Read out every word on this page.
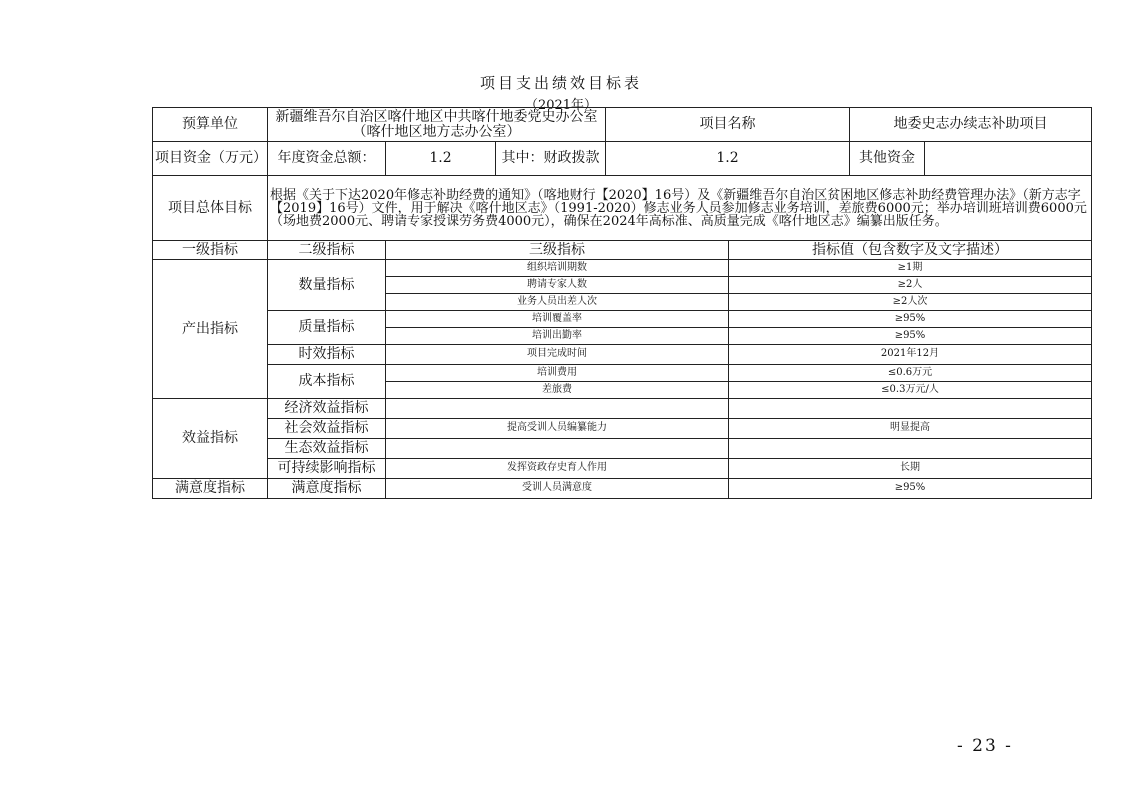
项目支出绩效目标表
（2021年）
预算单位	新疆维吾尔自治区喀什地区中共喀什地委党史办公室（喀什地区地方志办公室）			项目名称		地委史志办续志补助项目	
项目资金（万元）	年度资金总额：	1.2	其中：财政拨款	1.2		其他资金	
项目总体目标	根据《关于下达2020年修志补助经费的通知》（喀地财行【2020】16号）及《新疆维吾尔自治区贫困地区修志补助经费管理办法》（新方志字【2019】16号）文件，用于解决《喀什地区志》（1991-2020）修志业务人员参加修志业务培训，差旅费6000元；举办培训班培训费6000元（场地费2000元、聘请专家授课劳务费4000元），确保在2024年高标准、高质量完成《喀什地区志》编纂出版任务。						
一级指标	二级指标	三级指标			指标值（包含数字及文字描述）		
产出指标	数量指标	组织培训期数			≥1期		
		聘请专家人数			≥2人		
		业务人员出差人次			≥2人次		
	质量指标	培训覆盖率			≥95%		
		培训出勤率			≥95%		
	时效指标	项目完成时间			2021年12月		
	成本指标	培训费用			≤0.6万元		
		差旅费			≤0.3万元/人		
效益指标	经济效益指标						
	社会效益指标	提高受训人员编纂能力			明显提高		
	生态效益指标						
	可持续影响指标	发挥资政存史育人作用			长期		
满意度指标	满意度指标	受训人员满意度			≥95%		
- 23 -
